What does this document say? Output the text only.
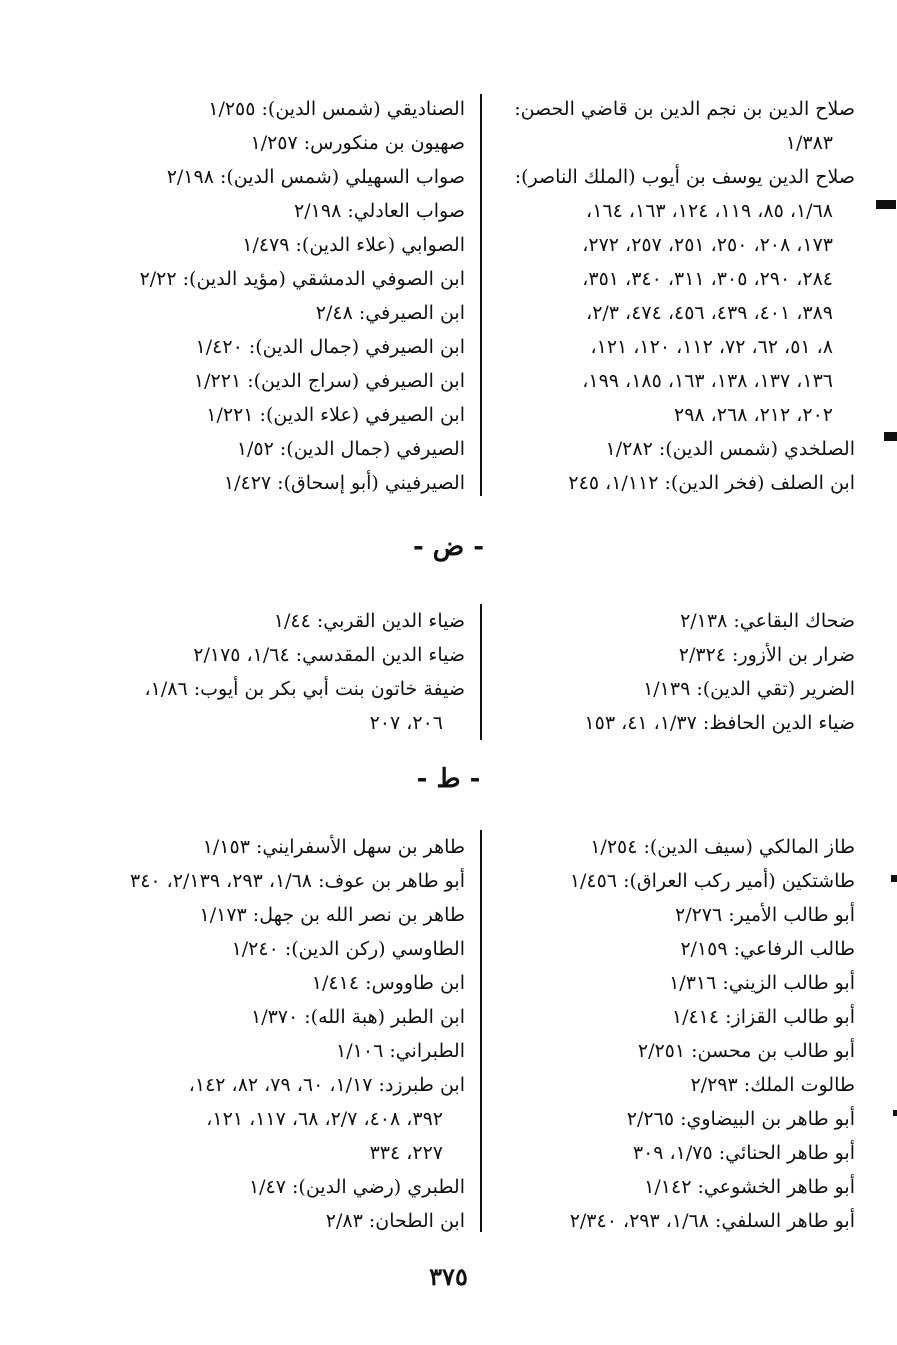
صلاح الدين بن نجم الدين بن قاضي الحصن:
١/٣٨٣
صلاح الدين يوسف بن أيوب (الملك الناصر):
١/٦٨، ٨٥، ١١٩، ١٢٤، ١٦٣، ١٦٤،
١٧٣، ٢٠٨، ٢٥٠، ٢٥١، ٢٥٧، ٢٧٢،
٢٨٤، ٢٩٠، ٣٠٥، ٣١١، ٣٤٠، ٣٥١،
٣٨٩، ٤٠١، ٤٣٩، ٤٥٦، ٤٧٤، ٢/٣،
٨، ٥١، ٦٢، ٧٢، ١١٢، ١٢٠، ١٢١،
١٣٦، ١٣٧، ١٣٨، ١٦٣، ١٨٥، ١٩٩،
٢٠٢، ٢١٢، ٢٦٨، ٢٩٨
الصلخدي (شمس الدين): ١/٢٨٢
ابن الصلف (فخر الدين): ١/١١٢، ٢٤٥
الصناديقي (شمس الدين): ١/٢٥٥
صهيون بن منكورس: ١/٢٥٧
صواب السهيلي (شمس الدين): ٢/١٩٨
صواب العادلي: ٢/١٩٨
الصوابي (علاء الدين): ١/٤٧٩
ابن الصوفي الدمشقي (مؤيد الدين): ٢/٢٢
ابن الصيرفي: ٢/٤٨
ابن الصيرفي (جمال الدين): ١/٤٢٠
ابن الصيرفي (سراج الدين): ١/٢٢١
ابن الصيرفي (علاء الدين): ١/٢٢١
الصيرفي (جمال الدين): ١/٥٢
الصيرفيني (أبو إسحاق): ١/٤٢٧
- ض -
ضحاك البقاعي: ٢/١٣٨
ضرار بن الأزور: ٢/٣٢٤
الضرير (تقي الدين): ١/١٣٩
ضياء الدين الحافظ: ١/٣٧، ٤١، ١٥٣
ضياء الدين القربي: ١/٤٤
ضياء الدين المقدسي: ١/٦٤، ٢/١٧٥
ضيفة خاتون بنت أبي بكر بن أيوب: ١/٨٦،
٢٠٦، ٢٠٧
- ط -
طاز المالكي (سيف الدين): ١/٢٥٤
طاشتكين (أمير ركب العراق): ١/٤٥٦
أبو طالب الأمير: ٢/٢٧٦
طالب الرفاعي: ٢/١٥٩
أبو طالب الزيني: ١/٣١٦
أبو طالب القزاز: ١/٤١٤
أبو طالب بن محسن: ٢/٢٥١
طالوت الملك: ٢/٢٩٣
أبو طاهر بن البيضاوي: ٢/٢٦٥
أبو طاهر الحنائي: ١/٧٥، ٣٠٩
أبو طاهر الخشوعي: ١/١٤٢
أبو طاهر السلفي: ١/٦٨، ٢٩٣، ٢/٣٤٠
طاهر بن سهل الأسفرايني: ١/١٥٣
أبو طاهر بن عوف: ١/٦٨، ٢٩٣، ٢/١٣٩، ٣٤٠
طاهر بن نصر الله بن جهل: ١/١٧٣
الطاوسي (ركن الدين): ١/٢٤٠
ابن طاووس: ١/٤١٤
ابن الطبر (هبة الله): ١/٣٧٠
الطبراني: ١/١٠٦
ابن طبرزد: ١/١٧، ٦٠، ٧٩، ٨٢، ١٤٢،
٣٩٢، ٤٠٨، ٢/٧، ٦٨، ١١٧، ١٢١،
٢٢٧، ٣٣٤
الطبري (رضي الدين): ١/٤٧
ابن الطحان: ٢/٨٣
٣٧٥
